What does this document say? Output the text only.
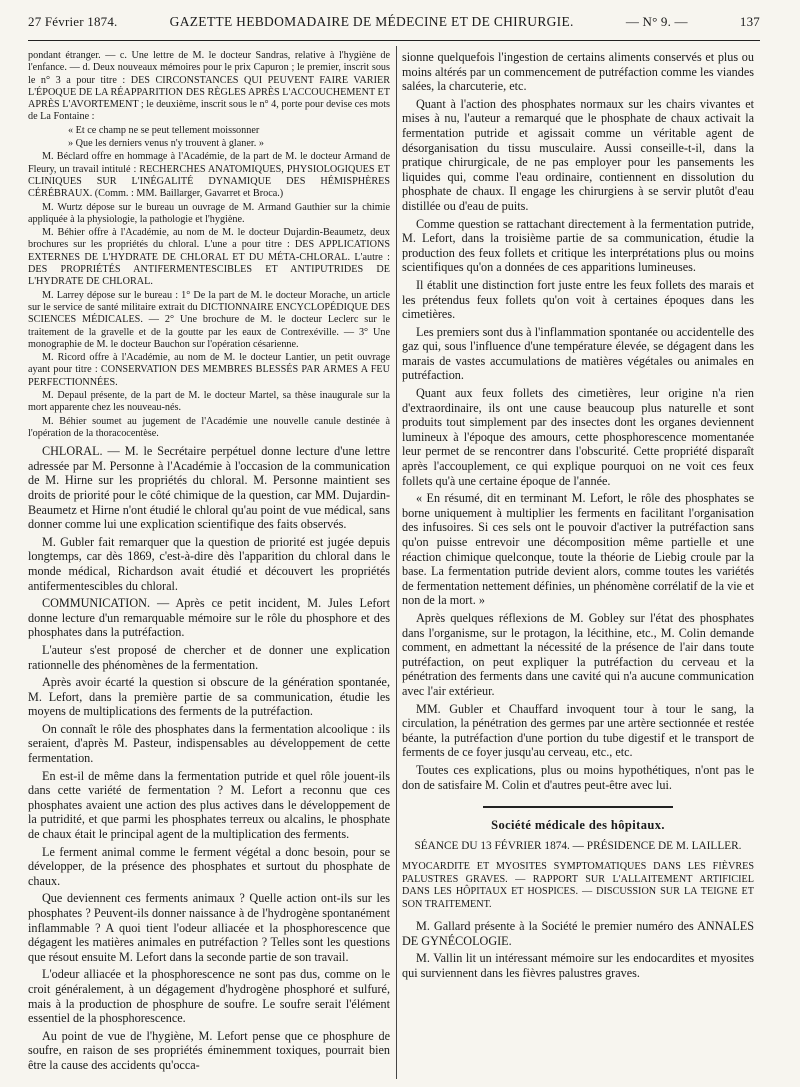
27 Février 1874.	GAZETTE HEBDOMADAIRE DE MÉDECINE ET DE CHIRURGIE.	— N° 9. —	137

pondant étranger. — c. Une lettre de M. le docteur Sandras, relative à l'hygiène de l'enfance. — d. Deux nouveaux mémoires pour le prix Capuron ; le premier, inscrit sous le n° 3 a pour titre : DES CIRCONSTANCES QUI PEUVENT FAIRE VARIER L'ÉPOQUE DE LA RÉAPPARITION DES RÈGLES APRÈS L'ACCOUCHEMENT ET APRÈS L'AVORTEMENT ; le deuxième, inscrit sous le n° 4, porte pour devise ces mots de La Fontaine :

« Et ce champ ne se peut tellement moissonner

» Que les derniers venus n'y trouvent à glaner. »

M. Béclard offre en hommage à l'Académie, de la part de M. le docteur Armand de Fleury, un travail intitulé : RECHERCHES ANATOMIQUES, PHYSIOLOGIQUES ET CLINIQUES SUR L'INÉGALITÉ DYNAMIQUE DES HÉMISPHÈRES CÉRÉBRAUX. (Comm. : MM. Baillarger, Gavarret et Broca.)

M. Wurtz dépose sur le bureau un ouvrage de M. Armand Gauthier sur la chimie appliquée à la physiologie, la pathologie et l'hygiène.

M. Béhier offre à l'Académie, au nom de M. le docteur Dujardin-Beaumetz, deux brochures sur les propriétés du chloral. L'une a pour titre : DES APPLICATIONS EXTERNES DE L'HYDRATE DE CHLORAL ET DU MÉTA-CHLORAL. L'autre : DES PROPRIÉTÉS ANTIFERMENTESCIBLES ET ANTIPUTRIDES DE L'HYDRATE DE CHLORAL.

M. Larrey dépose sur le bureau : 1° De la part de M. le docteur Morache, un article sur le service de santé militaire extrait du DICTIONNAIRE ENCYCLOPÉDIQUE DES SCIENCES MÉDICALES. — 2° Une brochure de M. le docteur Leclerc sur le traitement de la gravelle et de la goutte par les eaux de Contrexéville. — 3° Une monographie de M. le docteur Bauchon sur l'opération césarienne.

M. Ricord offre à l'Académie, au nom de M. le docteur Lantier, un petit ouvrage ayant pour titre : CONSERVATION DES MEMBRES BLESSÉS PAR ARMES A FEU PERFECTIONNÉES.

M. Depaul présente, de la part de M. le docteur Martel, sa thèse inaugurale sur la mort apparente chez les nouveau-nés.

M. Béhier soumet au jugement de l'Académie une nouvelle canule destinée à l'opération de la thoracocentèse.

CHLORAL. — M. le Secrétaire perpétuel donne lecture d'une lettre adressée par M. Personne à l'Académie à l'occasion de la communication de M. Hirne sur les propriétés du chloral. M. Personne maintient ses droits de priorité pour le côté chimique de la question, car MM. Dujardin-Beaumetz et Hirne n'ont étudié le chloral qu'au point de vue médical, sans donner comme lui une explication scientifique des faits observés.

M. Gubler fait remarquer que la question de priorité est jugée depuis longtemps, car dès 1869, c'est-à-dire dès l'apparition du chloral dans le monde médical, Richardson avait étudié et découvert les propriétés antifermentescibles du chloral.

COMMUNICATION. — Après ce petit incident, M. Jules Lefort donne lecture d'un remarquable mémoire sur le rôle du phosphore et des phosphates dans la putréfaction.

L'auteur s'est proposé de chercher et de donner une explication rationnelle des phénomènes de la fermentation.

Après avoir écarté la question si obscure de la génération spontanée, M. Lefort, dans la première partie de sa communication, étudie les moyens de multiplications des ferments de la putréfaction.

On connaît le rôle des phosphates dans la fermentation alcoolique : ils seraient, d'après M. Pasteur, indispensables au développement de cette fermentation.

En est-il de même dans la fermentation putride et quel rôle jouent-ils dans cette variété de fermentation ? M. Lefort a reconnu que ces phosphates avaient une action des plus actives dans le développement de la putridité, et que parmi les phosphates terreux ou alcalins, le phosphate de chaux était le principal agent de la multiplication des ferments.

Le ferment animal comme le ferment végétal a donc besoin, pour se développer, de la présence des phosphates et surtout du phosphate de chaux.

Que deviennent ces ferments animaux ? Quelle action ont-ils sur les phosphates ? Peuvent-ils donner naissance à de l'hydrogène spontanément inflammable ? A quoi tient l'odeur alliacée et la phosphorescence que dégagent les matières animales en putréfaction ? Telles sont les questions que résout ensuite M. Lefort dans la seconde partie de son travail.

L'odeur alliacée et la phosphorescence ne sont pas dus, comme on le croit généralement, à un dégagement d'hydrogène phosphoré et sulfuré, mais à la production de phosphure de soufre. Le soufre serait l'élément essentiel de la phosphorescence.

Au point de vue de l'hygiène, M. Lefort pense que ce phosphure de soufre, en raison de ses propriétés éminemment toxiques, pourrait bien être la cause des accidents qu'occa-

sionne quelquefois l'ingestion de certains aliments conservés et plus ou moins altérés par un commencement de putréfaction comme les viandes salées, la charcuterie, etc.

Quant à l'action des phosphates normaux sur les chairs vivantes et mises à nu, l'auteur a remarqué que le phosphate de chaux activait la fermentation putride et agissait comme un véritable agent de désorganisation du tissu musculaire. Aussi conseille-t-il, dans la pratique chirurgicale, de ne pas employer pour les pansements les liquides qui, comme l'eau ordinaire, contiennent en dissolution du phosphate de chaux. Il engage les chirurgiens à se servir plutôt d'eau distillée ou d'eau de puits.

Comme question se rattachant directement à la fermentation putride, M. Lefort, dans la troisième partie de sa communication, étudie la production des feux follets et critique les interprétations plus ou moins scientifiques qu'on a données de ces apparitions lumineuses.

Il établit une distinction fort juste entre les feux follets des marais et les prétendus feux follets qu'on voit à certaines époques dans les cimetières.

Les premiers sont dus à l'inflammation spontanée ou accidentelle des gaz qui, sous l'influence d'une température élevée, se dégagent dans les marais de vastes accumulations de matières végétales ou animales en putréfaction.

Quant aux feux follets des cimetières, leur origine n'a rien d'extraordinaire, ils ont une cause beaucoup plus naturelle et sont produits tout simplement par des insectes dont les organes deviennent lumineux à l'époque des amours, cette phosphorescence momentanée leur permet de se rencontrer dans l'obscurité. Cette propriété disparaît après l'accouplement, ce qui explique pourquoi on ne voit ces feux follets qu'à une certaine époque de l'année.

« En résumé, dit en terminant M. Lefort, le rôle des phosphates se borne uniquement à multiplier les ferments en facilitant l'organisation des infusoires. Si ces sels ont le pouvoir d'activer la putréfaction sans qu'on puisse entrevoir une décomposition même partielle et une réaction chimique quelconque, toute la théorie de Liebig croule par la base. La fermentation putride devient alors, comme toutes les variétés de fermentation nettement définies, un phénomène corrélatif de la vie et non de la mort. »

Après quelques réflexions de M. Gobley sur l'état des phosphates dans l'organisme, sur le protagon, la lécithine, etc., M. Colin demande comment, en admettant la nécessité de la présence de l'air dans toute putréfaction, on peut expliquer la putréfaction du cerveau et la pénétration des ferments dans une cavité qui n'a aucune communication avec l'air extérieur.

MM. Gubler et Chauffard invoquent tour à tour le sang, la circulation, la pénétration des germes par une artère sectionnée et restée béante, la putréfaction d'une portion du tube digestif et le transport de ferments de ce foyer jusqu'au cerveau, etc., etc.

Toutes ces explications, plus ou moins hypothétiques, n'ont pas le don de satisfaire M. Colin et d'autres peut-être avec lui.

Société médicale des hôpitaux.

SÉANCE DU 13 FÉVRIER 1874. — PRÉSIDENCE DE M. LAILLER.

MYOCARDITE ET MYOSITES SYMPTOMATIQUES DANS LES FIÈVRES PALUSTRES GRAVES. — RAPPORT SUR L'ALLAITEMENT ARTIFICIEL DANS LES HÔPITAUX ET HOSPICES. — DISCUSSION SUR LA TEIGNE ET SON TRAITEMENT.

M. Gallard présente à la Société le premier numéro des ANNALES DE GYNÉCOLOGIE.

M. Vallin lit un intéressant mémoire sur les endocardites et myosites qui surviennent dans les fièvres palustres graves.
